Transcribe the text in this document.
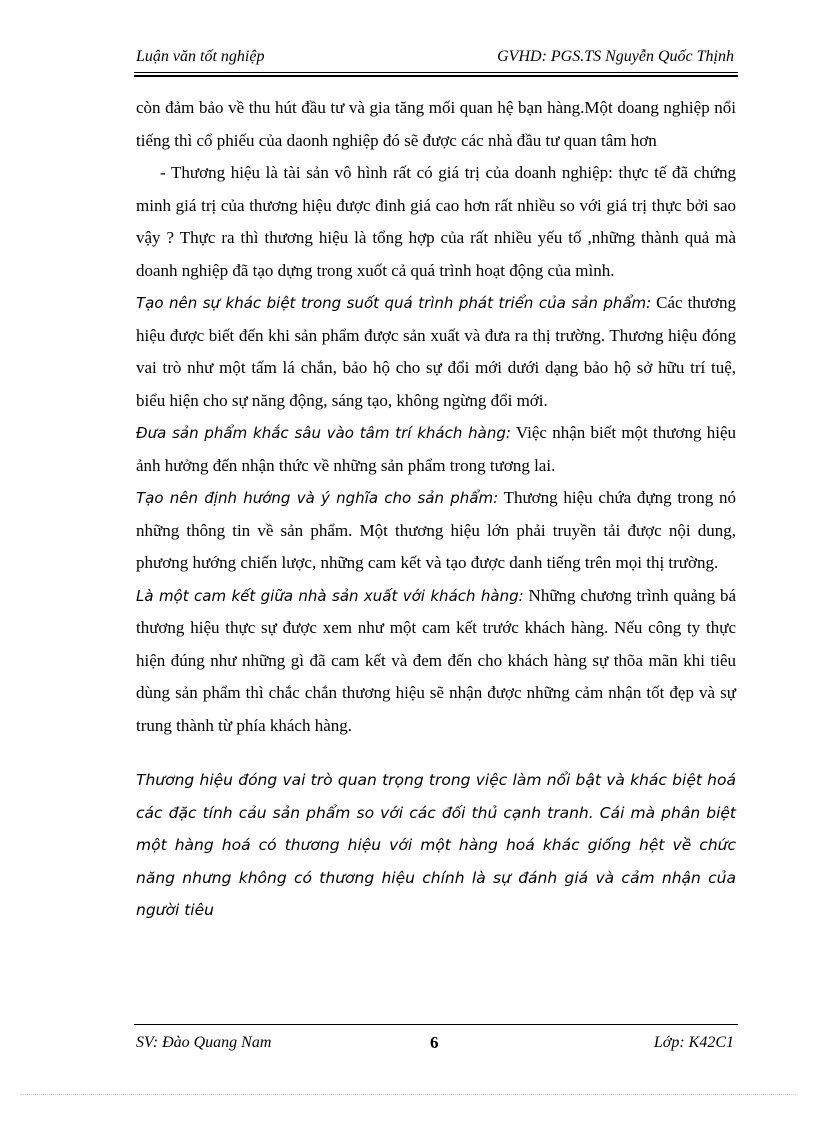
Luận văn tốt nghiệp	GVHD: PGS.TS Nguyễn Quốc Thịnh

còn đảm bảo về thu hút đầu tư và gia tăng mối quan hệ bạn hàng.Một doang nghiệp nổi tiếng thì cổ phiếu của daonh nghiệp đó sẽ được các nhà đầu tư quan tâm hơn

- Thương hiệu là tài sản vô hình rất có giá trị của doanh nghiệp: thực tế đã chứng minh giá trị của thương hiệu được đinh giá cao hơn rất nhiều so với giá trị thực bởi sao vậy ? Thực ra thì thương hiệu là tổng hợp của rất nhiều yếu tố ,những thành quả mà doanh nghiệp đã tạo dựng trong xuốt cả quá trình hoạt động của mình.

Tạo nên sự khác biệt trong suốt quá trình phát triển của sản phẩm: Các thương hiệu được biết đến khi sản phẩm được sản xuất và đưa ra thị trường. Thương hiệu đóng vai trò như một tấm lá chắn, bảo hộ cho sự đổi mới dưới dạng bảo hộ sở hữu trí tuệ, biểu hiện cho sự năng động, sáng tạo, không ngừng đổi mới.

Đưa sản phẩm khắc sâu vào tâm trí khách hàng: Việc nhận biết một thương hiệu ảnh hưởng đến nhận thức về những sản phẩm trong tương lai.

Tạo nên định hướng và ý nghĩa cho sản phẩm: Thương hiệu chứa đựng trong nó những thông tin về sản phẩm. Một thương hiệu lớn phải truyền tải được nội dung, phương hướng chiến lược, những cam kết và tạo được danh tiếng trên mọi thị trường.

Là một cam kết giữa nhà sản xuất với khách hàng: Những chương trình quảng bá thương hiệu thực sự được xem như một cam kết trước khách hàng. Nếu công ty thực hiện đúng như những gì đã cam kết và đem đến cho khách hàng sự thõa mãn khi tiêu dùng sản phẩm thì chắc chắn thương hiệu sẽ nhận được những cảm nhận tốt đẹp và sự trung thành từ phía khách hàng.

Thương hiệu đóng vai trò quan trọng trong việc làm nổi bật và khác biệt hoá các đặc tính cảu sản phẩm so với các đối thủ cạnh tranh. Cái mà phân biệt một hàng hoá có thương hiệu với một hàng hoá khác giống hệt về chức năng nhưng không có thương hiệu chính là sự đánh giá và cảm nhận của người tiêu

SV: Đào Quang Nam	6	Lớp: K42C1
